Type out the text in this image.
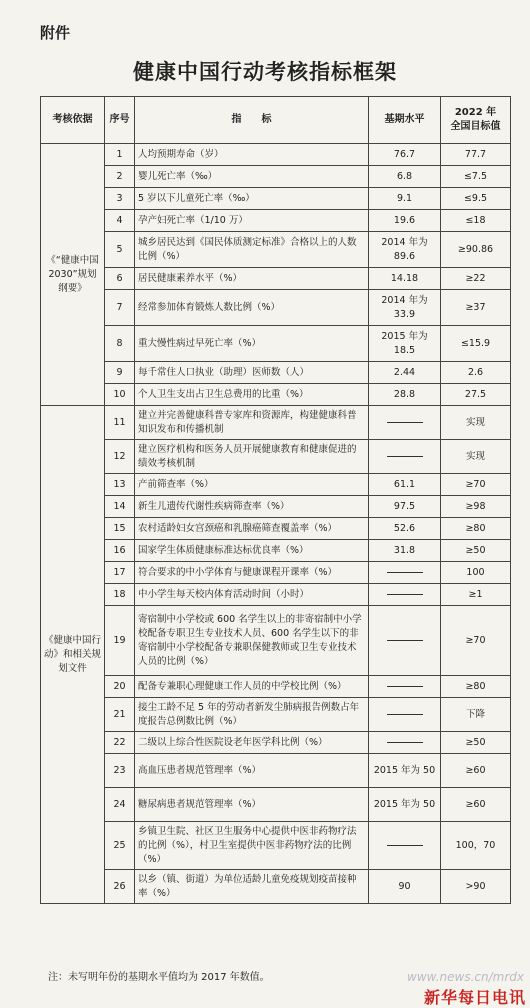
附件
健康中国行动考核指标框架
考核依据	序号	指　　标	基期水平	2022 年
全国目标值
《“健康中国 2030”规划纲要》	1	人均预期寿命（岁）	76.7	77.7
	2	婴儿死亡率（‰）	6.8	≤7.5
	3	5 岁以下儿童死亡率（‰）	9.1	≤9.5
	4	孕产妇死亡率（1/10 万）	19.6	≤18
	5	城乡居民达到《国民体质测定标准》合格以上的人数比例（%）	2014 年为 89.6	≥90.86
	6	居民健康素养水平（%）	14.18	≥22
	7	经常参加体育锻炼人数比例（%）	2014 年为 33.9	≥37
	8	重大慢性病过早死亡率（%）	2015 年为 18.5	≤15.9
	9	每千常住人口执业（助理）医师数（人）	2.44	2.6
	10	个人卫生支出占卫生总费用的比重（%）	28.8	27.5
《健康中国行动》和相关规划文件	11	建立并完善健康科普专家库和资源库，构建健康科普知识发布和传播机制		实现
	12	建立医疗机构和医务人员开展健康教育和健康促进的绩效考核机制		实现
	13	产前筛查率（%）	61.1	≥70
	14	新生儿遗传代谢性疾病筛查率（%）	97.5	≥98
	15	农村适龄妇女宫颈癌和乳腺癌筛查覆盖率（%）	52.6	≥80
	16	国家学生体质健康标准达标优良率（%）	31.8	≥50
	17	符合要求的中小学体育与健康课程开课率（%）		100
	18	中小学生每天校内体育活动时间（小时）		≥1
	19	寄宿制中小学校或 600 名学生以上的非寄宿制中小学校配备专职卫生专业技术人员、600 名学生以下的非寄宿制中小学校配备专兼职保健教师或卫生专业技术人员的比例（%）		≥70
	20	配备专兼职心理健康工作人员的中学校比例（%）		≥80
	21	接尘工龄不足 5 年的劳动者新发尘肺病报告例数占年度报告总例数比例（%）		下降
	22	二级以上综合性医院设老年医学科比例（%）		≥50
	23	高血压患者规范管理率（%）	2015 年为 50	≥60
	24	糖尿病患者规范管理率（%）	2015 年为 50	≥60
	25	乡镇卫生院、社区卫生服务中心提供中医非药物疗法的比例（%），村卫生室提供中医非药物疗法的比例（%）		100，70
	26	以乡（镇、街道）为单位适龄儿童免疫规划疫苗接种率（%）	90	>90
注：未写明年份的基期水平值均为 2017 年数值。	www.news.cn/mrdx
新华每日电讯
